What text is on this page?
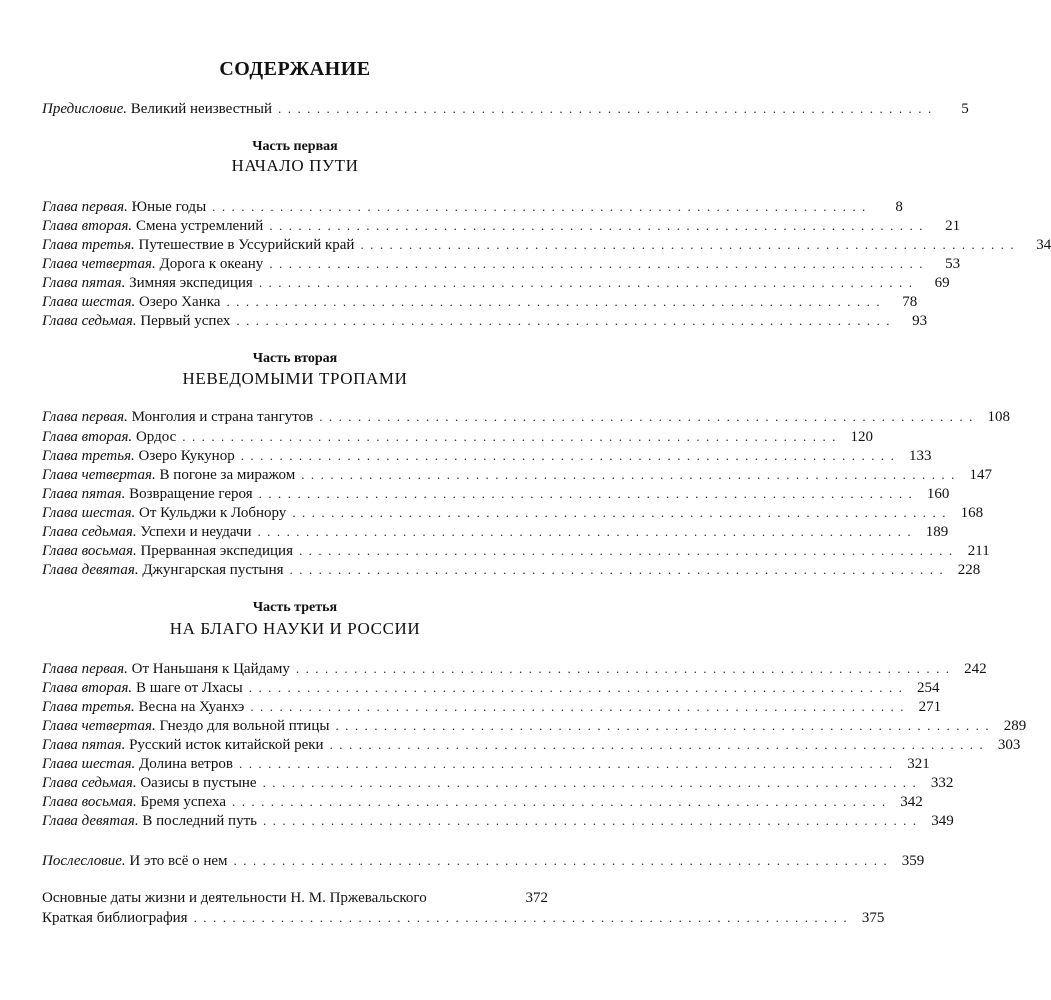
СОДЕРЖАНИЕ
Предисловие. Великий неизвестный . . . . . . . . . . . . . . . . . . . . . . . . . . . . . . . . . . . . . . . . . . . . . . . . . . . . . . . . . . . . . . . . . . . .	5
Часть первая
НАЧАЛО ПУТИ
Глава первая. Юные годы . . . . . . . . . . . . . . . . . . . . . . . . . . . . . . . . . . . . . . . . . . . . . . . . . . . . . . . . . . . . . . . . . . . .	8
Глава вторая. Смена устремлений . . . . . . . . . . . . . . . . . . . . . . . . . . . . . . . . . . . . . . . . . . . . . . . . . . . . . . . . . . . . . . . . . . . .	21
Глава третья. Путешествие в Уссурийский край . . . . . . . . . . . . . . . . . . . . . . . . . . . . . . . . . . . . . . . . . . . . . . . . . . . . . . . . . . . . . . . . . . . .	34
Глава четвертая. Дорога к океану . . . . . . . . . . . . . . . . . . . . . . . . . . . . . . . . . . . . . . . . . . . . . . . . . . . . . . . . . . . . . . . . . . . .	53
Глава пятая. Зимняя экспедиция . . . . . . . . . . . . . . . . . . . . . . . . . . . . . . . . . . . . . . . . . . . . . . . . . . . . . . . . . . . . . . . . . . . .	69
Глава шестая. Озеро Ханка . . . . . . . . . . . . . . . . . . . . . . . . . . . . . . . . . . . . . . . . . . . . . . . . . . . . . . . . . . . . . . . . . . . .	78
Глава седьмая. Первый успех . . . . . . . . . . . . . . . . . . . . . . . . . . . . . . . . . . . . . . . . . . . . . . . . . . . . . . . . . . . . . . . . . . . .	93
Часть вторая
НЕВЕДОМЫМИ ТРОПАМИ
Глава первая. Монголия и страна тангутов . . . . . . . . . . . . . . . . . . . . . . . . . . . . . . . . . . . . . . . . . . . . . . . . . . . . . . . . . . . . . . . . . . . . 108
Глава вторая. Ордос . . . . . . . . . . . . . . . . . . . . . . . . . . . . . . . . . . . . . . . . . . . . . . . . . . . . . . . . . . . . . . . . . . . . 120
Глава третья. Озеро Кукунор . . . . . . . . . . . . . . . . . . . . . . . . . . . . . . . . . . . . . . . . . . . . . . . . . . . . . . . . . . . . . . . . . . . . 133
Глава четвертая. В погоне за миражом . . . . . . . . . . . . . . . . . . . . . . . . . . . . . . . . . . . . . . . . . . . . . . . . . . . . . . . . . . . . . . . . . . . . 147
Глава пятая. Возвращение героя . . . . . . . . . . . . . . . . . . . . . . . . . . . . . . . . . . . . . . . . . . . . . . . . . . . . . . . . . . . . . . . . . . . . 160
Глава шестая. От Кульджи к Лобнору . . . . . . . . . . . . . . . . . . . . . . . . . . . . . . . . . . . . . . . . . . . . . . . . . . . . . . . . . . . . . . . . . . . . 168
Глава седьмая. Успехи и неудачи . . . . . . . . . . . . . . . . . . . . . . . . . . . . . . . . . . . . . . . . . . . . . . . . . . . . . . . . . . . . . . . . . . . . 189
Глава восьмая. Прерванная экспедиция . . . . . . . . . . . . . . . . . . . . . . . . . . . . . . . . . . . . . . . . . . . . . . . . . . . . . . . . . . . . . . . . . . . . 211
Глава девятая. Джунгарская пустыня . . . . . . . . . . . . . . . . . . . . . . . . . . . . . . . . . . . . . . . . . . . . . . . . . . . . . . . . . . . . . . . . . . . . 228
Часть третья
НА БЛАГО НАУКИ И РОССИИ
Глава первая. От Наньшаня к Цайдаму . . . . . . . . . . . . . . . . . . . . . . . . . . . . . . . . . . . . . . . . . . . . . . . . . . . . . . . . . . . . . . . . . . . . 242
Глава вторая. В шаге от Лхасы . . . . . . . . . . . . . . . . . . . . . . . . . . . . . . . . . . . . . . . . . . . . . . . . . . . . . . . . . . . . . . . . . . . . 254
Глава третья. Весна на Хуанхэ . . . . . . . . . . . . . . . . . . . . . . . . . . . . . . . . . . . . . . . . . . . . . . . . . . . . . . . . . . . . . . . . . . . . 271
Глава четвертая. Гнездо для вольной птицы . . . . . . . . . . . . . . . . . . . . . . . . . . . . . . . . . . . . . . . . . . . . . . . . . . . . . . . . . . . . . . . . . . . . 289
Глава пятая. Русский исток китайской реки . . . . . . . . . . . . . . . . . . . . . . . . . . . . . . . . . . . . . . . . . . . . . . . . . . . . . . . . . . . . . . . . . . . . 303
Глава шестая. Долина ветров . . . . . . . . . . . . . . . . . . . . . . . . . . . . . . . . . . . . . . . . . . . . . . . . . . . . . . . . . . . . . . . . . . . . 321
Глава седьмая. Оазисы в пустыне . . . . . . . . . . . . . . . . . . . . . . . . . . . . . . . . . . . . . . . . . . . . . . . . . . . . . . . . . . . . . . . . . . . . 332
Глава восьмая. Бремя успеха . . . . . . . . . . . . . . . . . . . . . . . . . . . . . . . . . . . . . . . . . . . . . . . . . . . . . . . . . . . . . . . . . . . . 342
Глава девятая. В последний путь . . . . . . . . . . . . . . . . . . . . . . . . . . . . . . . . . . . . . . . . . . . . . . . . . . . . . . . . . . . . . . . . . . . . 349
Послесловие. И это всё о нем . . . . . . . . . . . . . . . . . . . . . . . . . . . . . . . . . . . . . . . . . . . . . . . . . . . . . . . . . . . . . . . . . . . . 359
Основные даты жизни и деятельности Н. М. Пржевальского	372
Краткая библиография . . . . . . . . . . . . . . . . . . . . . . . . . . . . . . . . . . . . . . . . . . . . . . . . . . . . . . . . . . . . . . . . . . . . 375
